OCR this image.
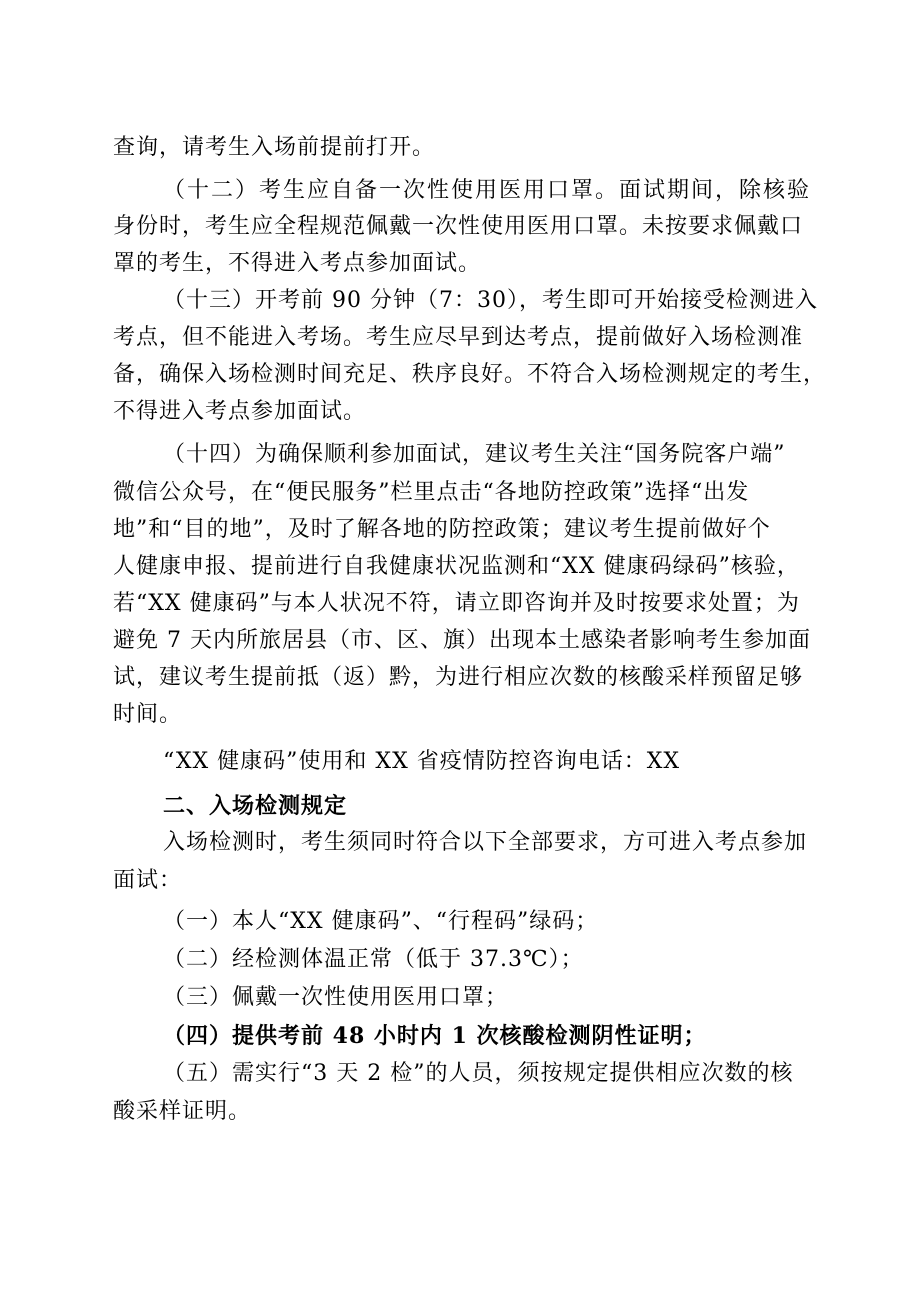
查询，请考生入场前提前打开。
（十二）考生应自备一次性使用医用口罩。面试期间，除核验
身份时，考生应全程规范佩戴一次性使用医用口罩。未按要求佩戴口
罩的考生，不得进入考点参加面试。
（十三）开考前 90 分钟（7：30），考生即可开始接受检测进入
考点，但不能进入考场。考生应尽早到达考点，提前做好入场检测准
备，确保入场检测时间充足、秩序良好。不符合入场检测规定的考生，
不得进入考点参加面试。
（十四）为确保顺利参加面试，建议考生关注“国务院客户端”
微信公众号，在“便民服务”栏里点击“各地防控政策”选择“出发
地”和“目的地”，及时了解各地的防控政策；建议考生提前做好个
人健康申报、提前进行自我健康状况监测和“XX 健康码绿码”核验，
若“XX 健康码”与本人状况不符，请立即咨询并及时按要求处置；为
避免 7 天内所旅居县（市、区、旗）出现本土感染者影响考生参加面
试，建议考生提前抵（返）黔，为进行相应次数的核酸采样预留足够
时间。
“XX 健康码”使用和 XX 省疫情防控咨询电话：XX
二、入场检测规定
入场检测时，考生须同时符合以下全部要求，方可进入考点参加
面试：
（一）本人“XX 健康码”、“行程码”绿码；
（二）经检测体温正常（低于 37.3℃）；
（三）佩戴一次性使用医用口罩；
（四）提供考前 48 小时内 1 次核酸检测阴性证明；
（五）需实行“3 天 2 检”的人员，须按规定提供相应次数的核
酸采样证明。
